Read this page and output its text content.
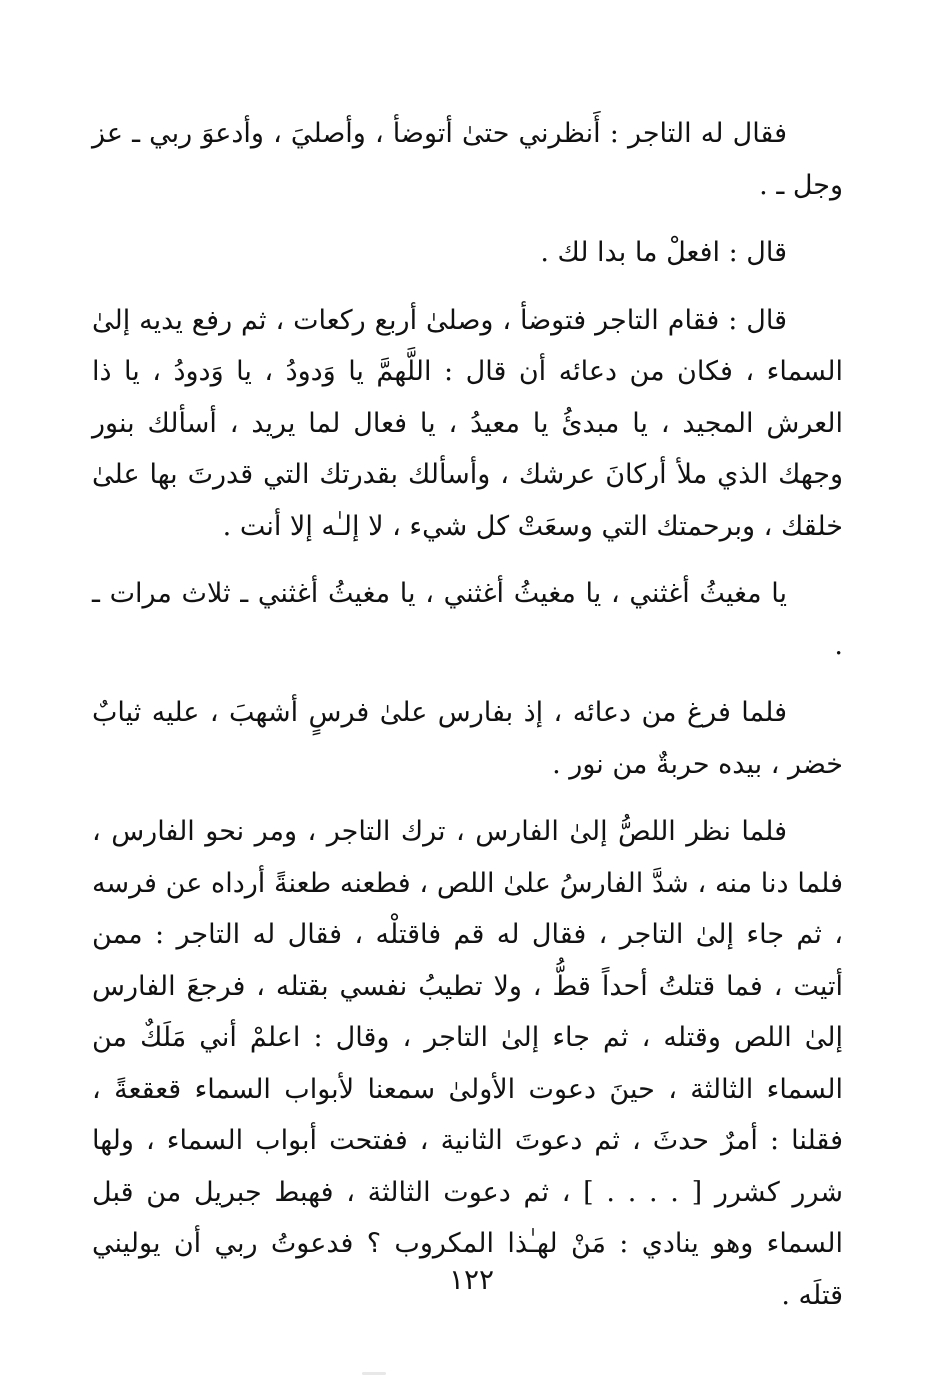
فقال له التاجر : أَنظرني حتىٰ أتوضأ ، وأصليَ ، وأدعوَ ربي ـ عز وجل ـ .

قال : افعلْ ما بدا لك .

قال : فقام التاجر فتوضأ ، وصلىٰ أربع ركعات ، ثم رفع يديه إلىٰ السماء ، فكان من دعائه أن قال : اللَّهمَّ يا وَدودُ ، يا وَدودُ ، يا ذا العرش المجيد ، يا مبدئُ يا معيدُ ، يا فعال لما يريد ، أسألك بنور وجهك الذي ملأ أركانَ عرشك ، وأسألك بقدرتك التي قدرتَ بها علىٰ خلقك ، وبرحمتك التي وسعَتْ كل شيء ، لا إلـٰه إلا أنت .

يا مغيثُ أغثني ، يا مغيثُ أغثني ، يا مغيثُ أغثني ـ ثلاث مرات ـ .

فلما فرغ من دعائه ، إذ بفارس علىٰ فرسٍ أشهبَ ، عليه ثيابٌ خضر ، بيده حربةٌ من نور .

فلما نظر اللصُّ إلىٰ الفارس ، ترك التاجر ، ومر نحو الفارس ، فلما دنا منه ، شدَّ الفارسُ علىٰ اللص ، فطعنه طعنةً أرداه عن فرسه ، ثم جاء إلىٰ التاجر ، فقال له قم فاقتلْه ، فقال له التاجر : ممن أتيت ، فما قتلتُ أحداً قطُّ ، ولا تطيبُ نفسي بقتله ، فرجعَ الفارس إلىٰ اللص وقتله ، ثم جاء إلىٰ التاجر ، وقال : اعلمْ أني مَلَكٌ من السماء الثالثة ، حينَ دعوت الأولىٰ سمعنا لأبواب السماء قعقعةً ، فقلنا : أمرٌ حدثَ ، ثم دعوتَ الثانية ، ففتحت أبواب السماء ، ولها شرر كشرر [ . . . . ] ، ثم دعوت الثالثة ، فهبط جبريل من قبل السماء وهو ينادي : مَنْ لهـٰذا المكروب ؟ فدعوتُ ربي أن يوليني قتلَه .

١٢٢
